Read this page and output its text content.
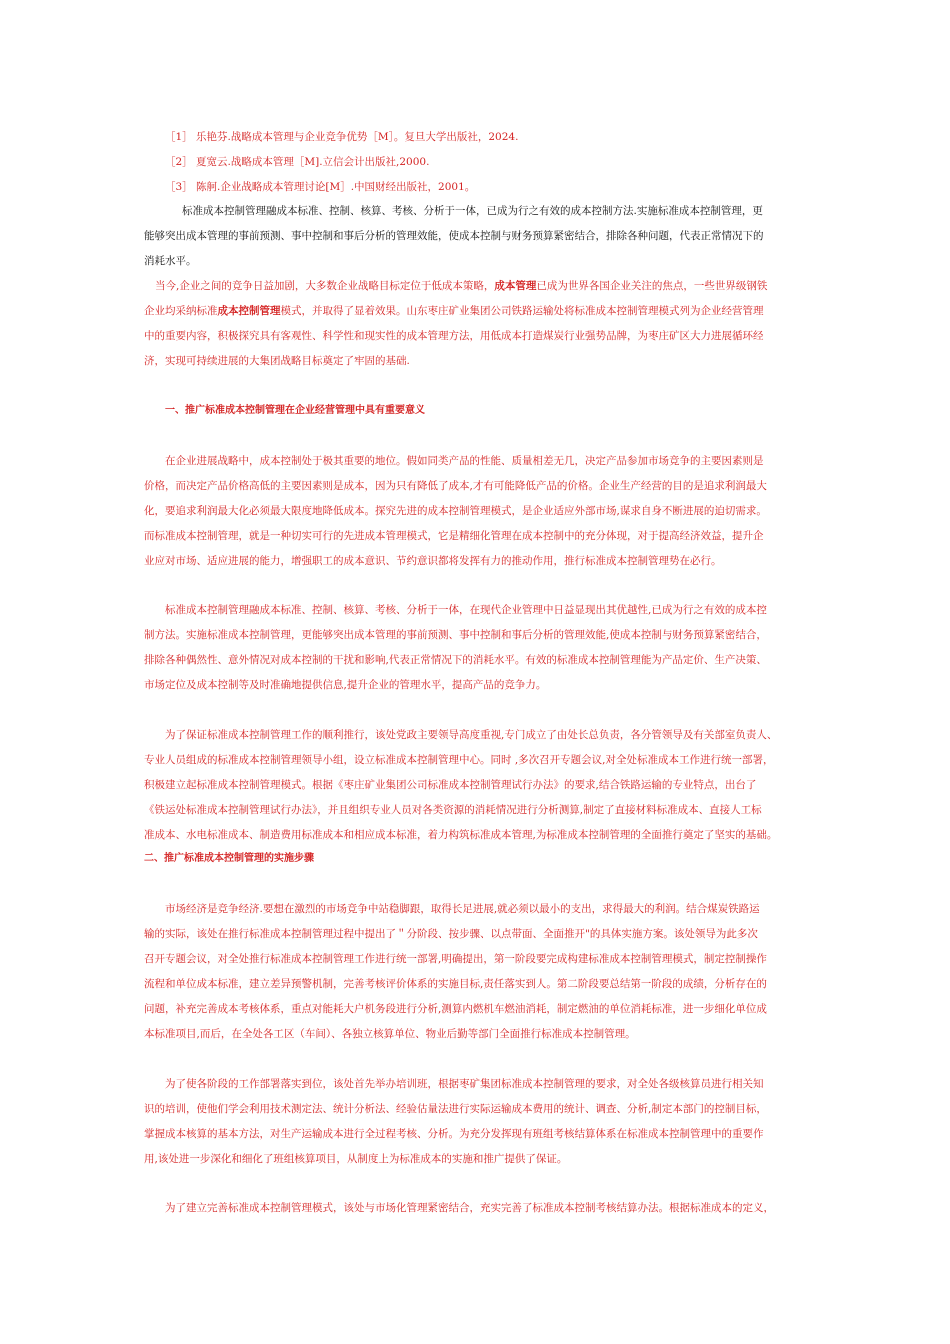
［1］ 乐艳芬.战略成本管理与企业竞争优势［M］。复旦大学出版社，2024.
［2］ 夏宽云.战略成本管理［M].立信会计出版社,2000.
［3］ 陈舸.企业战略成本管理讨论[M］.中国财经出版社，2001。
标准成本控制管理融成本标准、控制、核算、考核、分析于一体，已成为行之有效的成本控制方法.实施标准成本控制管理，更
能够突出成本管理的事前预测、事中控制和事后分析的管理效能，使成本控制与财务预算紧密结合，排除各种问题，代表正常情况下的
消耗水平。
当今,企业之间的竞争日益加剧，大多数企业战略目标定位于低成本策略，成本管理已成为世界各国企业关注的焦点，一些世界级钢铁
企业均采纳标准成本控制管理模式，并取得了显着效果。山东枣庄矿业集团公司铁路运输处将标准成本控制管理模式列为企业经营管理
中的重要内容，积极探究具有客观性、科学性和现实性的成本管理方法，用低成本打造煤炭行业强势品牌，为枣庄矿区大力进展循环经
济，实现可持续进展的大集团战略目标奠定了牢固的基础.
一、推广标准成本控制管理在企业经营管理中具有重要意义
在企业进展战略中，成本控制处于极其重要的地位。假如同类产品的性能、质量相差无几，决定产品参加市场竞争的主要因素则是
价格，而决定产品价格高低的主要因素则是成本，因为只有降低了成本,才有可能降低产品的价格。企业生产经营的目的是追求利润最大
化，要追求利润最大化必须最大限度地降低成本。探究先进的成本控制管理模式，是企业适应外部市场,谋求自身不断进展的迫切需求。
而标准成本控制管理，就是一种切实可行的先进成本管理模式，它是精细化管理在成本控制中的充分体现，对于提高经济效益，提升企
业应对市场、适应进展的能力，增强职工的成本意识、节约意识都将发挥有力的推动作用，推行标准成本控制管理势在必行。
标准成本控制管理融成本标准、控制、核算、考核、分析于一体，在现代企业管理中日益显现出其优越性,已成为行之有效的成本控
制方法。实施标准成本控制管理，更能够突出成本管理的事前预测、事中控制和事后分析的管理效能,使成本控制与财务预算紧密结合，
排除各种偶然性、意外情况对成本控制的干扰和影响,代表正常情况下的消耗水平。有效的标准成本控制管理能为产品定价、生产决策、
市场定位及成本控制等及时准确地提供信息,提升企业的管理水平，提高产品的竞争力。
为了保证标准成本控制管理工作的顺利推行，该处党政主要领导高度重视,专门成立了由处长总负责，各分管领导及有关部室负责人、
专业人员组成的标准成本控制管理领导小组，设立标准成本控制管理中心。同时 ,多次召开专题会议,对全处标准成本工作进行统一部署，
积极建立起标准成本控制管理模式。根据《枣庄矿业集团公司标准成本控制管理试行办法》的要求,结合铁路运输的专业特点，出台了
《铁运处标准成本控制管理试行办法》，并且组织专业人员对各类资源的消耗情况进行分析测算,制定了直接材料标准成本、直接人工标
准成本、水电标准成本、制造费用标准成本和相应成本标准，着力构筑标准成本管理,为标准成本控制管理的全面推行奠定了坚实的基础。
二、推广标准成本控制管理的实施步骤
市场经济是竞争经济.要想在激烈的市场竞争中站稳脚跟，取得长足进展,就必须以最小的支出，求得最大的利润。结合煤炭铁路运
输的实际，该处在推行标准成本控制管理过程中提出了＂分阶段、按步骤、以点带面、全面推开"的具体实施方案。该处领导为此多次
召开专题会议，对全处推行标准成本控制管理工作进行统一部署,明确提出，第一阶段要完成构建标准成本控制管理模式，制定控制操作
流程和单位成本标准，建立差异预警机制，完善考核评价体系的实施目标,责任落实到人。第二阶段要总结第一阶段的成绩，分析存在的
问题，补充完善成本考核体系，重点对能耗大户机务段进行分析,测算内燃机车燃油消耗，制定燃油的单位消耗标准，进一步细化单位成
本标准项目,而后，在全处各工区（车间）、各独立核算单位、物业后勤等部门全面推行标准成本控制管理。
为了使各阶段的工作部署落实到位，该处首先举办培训班，根据枣矿集团标准成本控制管理的要求，对全处各级核算员进行相关知
识的培训，使他们学会利用技术测定法、统计分析法、经验估量法进行实际运输成本费用的统计、调查、分析,制定本部门的控制目标，
掌握成本核算的基本方法，对生产运输成本进行全过程考核、分析。为充分发挥现有班组考核结算体系在标准成本控制管理中的重要作
用,该处进一步深化和细化了班组核算项目，从制度上为标准成本的实施和推广提供了保证。
为了建立完善标准成本控制管理模式，该处与市场化管理紧密结合，充实完善了标准成本控制考核结算办法。根据标准成本的定义，
